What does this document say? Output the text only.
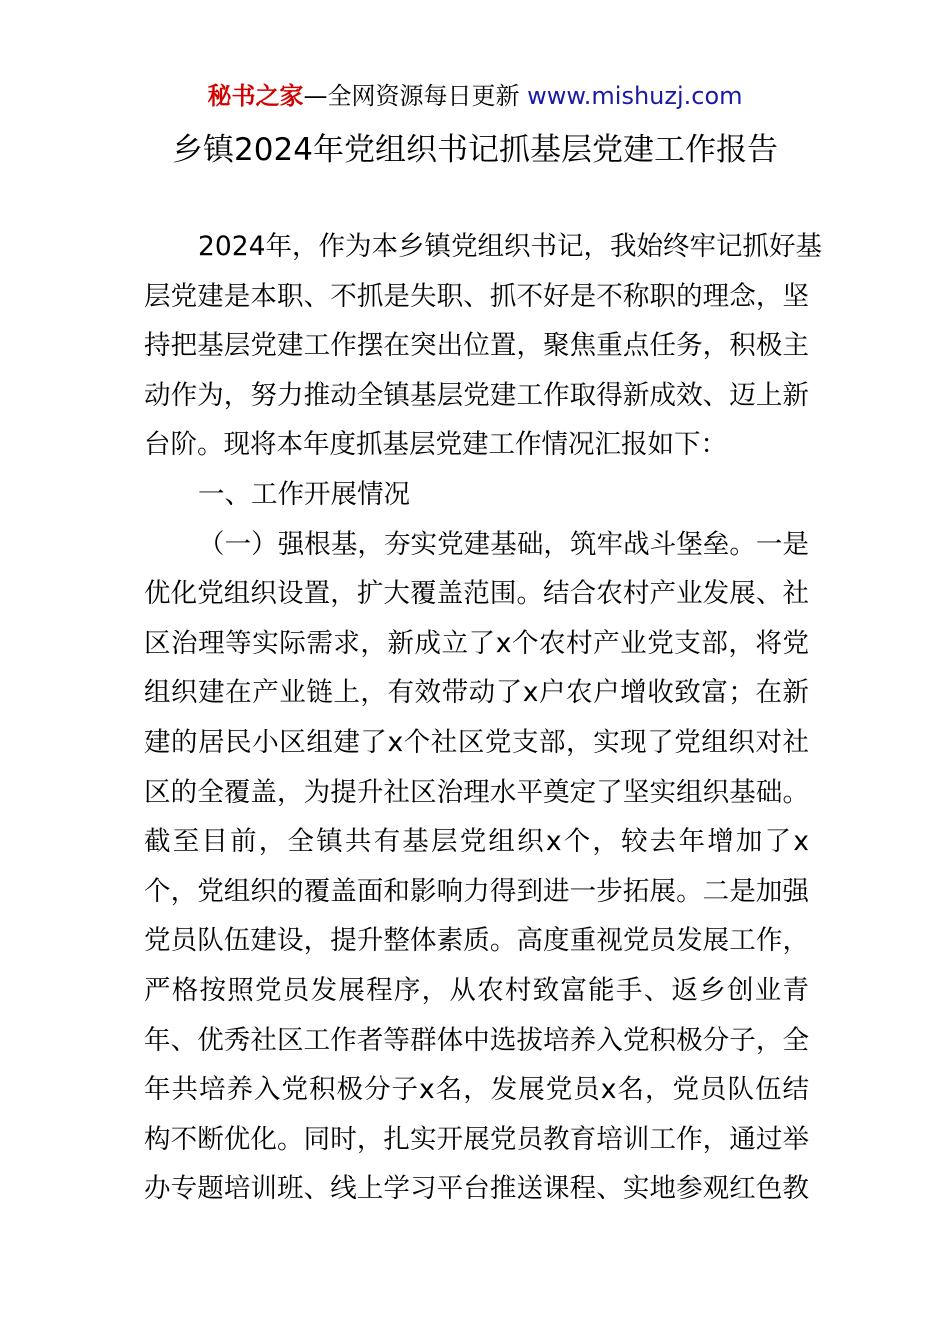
秘书之家—全网资源每日更新 www.mishuzj.com
乡镇2024年党组织书记抓基层党建工作报告
2024年，作为本乡镇党组织书记，我始终牢记抓好基
层党建是本职、不抓是失职、抓不好是不称职的理念，坚
持把基层党建工作摆在突出位置，聚焦重点任务，积极主
动作为，努力推动全镇基层党建工作取得新成效、迈上新
台阶。现将本年度抓基层党建工作情况汇报如下：
一、工作开展情况
（一）强根基，夯实党建基础，筑牢战斗堡垒。一是
优化党组织设置，扩大覆盖范围。结合农村产业发展、社
区治理等实际需求，新成立了x个农村产业党支部，将党
组织建在产业链上，有效带动了x户农户增收致富；在新
建的居民小区组建了x个社区党支部，实现了党组织对社
区的全覆盖，为提升社区治理水平奠定了坚实组织基础。
截至目前，全镇共有基层党组织x个，较去年增加了x
个，党组织的覆盖面和影响力得到进一步拓展。二是加强
党员队伍建设，提升整体素质。高度重视党员发展工作，
严格按照党员发展程序，从农村致富能手、返乡创业青
年、优秀社区工作者等群体中选拔培养入党积极分子，全
年共培养入党积极分子x名，发展党员x名，党员队伍结
构不断优化。同时，扎实开展党员教育培训工作，通过举
办专题培训班、线上学习平台推送课程、实地参观红色教
